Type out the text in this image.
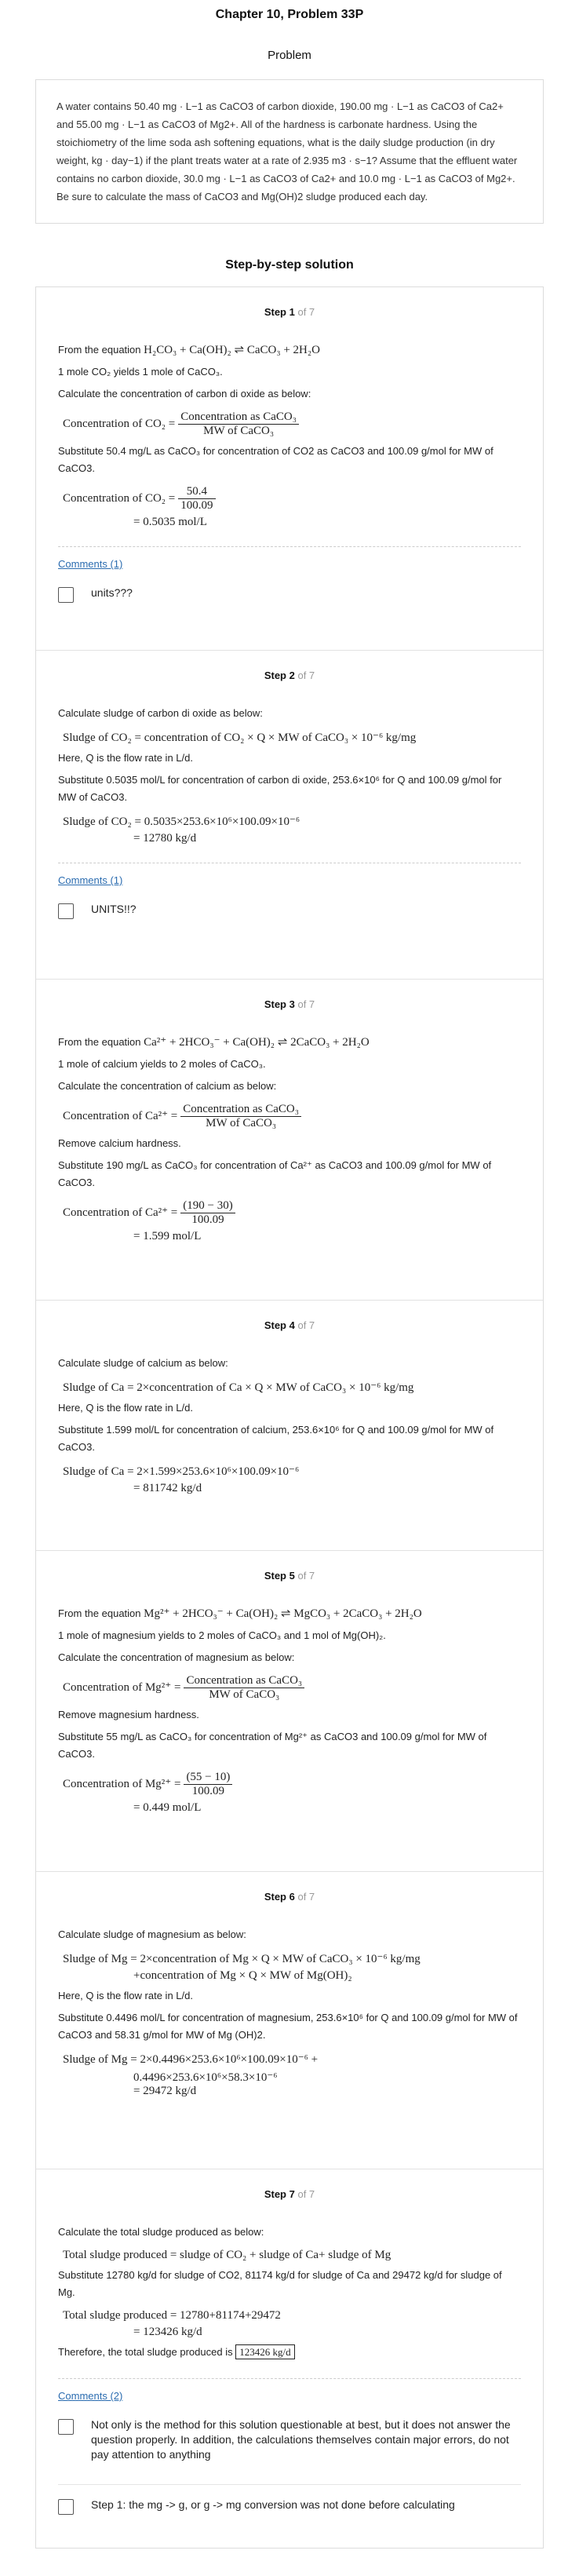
Chapter 10, Problem 33P
Problem
A water contains 50.40 mg · L−1 as CaCO3 of carbon dioxide, 190.00 mg · L−1 as CaCO3 of Ca2+ and 55.00 mg · L−1 as CaCO3 of Mg2+. All of the hardness is carbonate hardness. Using the stoichiometry of the lime soda ash softening equations, what is the daily sludge production (in dry weight, kg · day−1) if the plant treats water at a rate of 2.935 m3 · s−1? Assume that the effluent water contains no carbon dioxide, 30.0 mg · L−1 as CaCO3 of Ca2+ and 10.0 mg · L−1 as CaCO3 of Mg2+. Be sure to calculate the mass of CaCO3 and Mg(OH)2 sludge produced each day.
Step-by-step solution
Step 1 of 7
From the equation H₂CO₃ + Ca(OH)₂ ⇌ CaCO₃ + 2H₂O
1 mole CO₂ yields 1 mole of CaCO₃.
Calculate the concentration of carbon di oxide as below:
Concentration of $CO_2 = \frac{\text{Concentration as CaCO₃}}{\text{MW of CaCO₃}}$
Substitute 50.4 mg/L as CaCO₃ for concentration of CO2 as CaCO3 and 100.09 g/mol for MW of CaCO3.
Concentration of $CO_2 = \frac{50.4}{100.09}$
= 0.5035 mol/L
Comments (1)
units???
Step 2 of 7
Calculate sludge of carbon di oxide as below:
Sludge of CO₂ = concentration of CO₂ × Q × MW of CaCO₃ × 10⁻⁶ kg/mg
Here, Q is the flow rate in L/d.
Substitute 0.5035 mol/L for concentration of carbon di oxide, 253.6×10⁶ for Q and 100.09 g/mol for MW of CaCO3.
Sludge of CO₂ = 0.5035×253.6×10⁶×100.09×10⁻⁶
= 12780 kg/d
Comments (1)
UNITS!!?
Step 3 of 7
From the equation Ca²⁺ + 2HCO₃⁻ + Ca(OH)₂ ⇌ 2CaCO₃ + 2H₂O
1 mole of calcium yields to 2 moles of CaCO₃.
Calculate the concentration of calcium as below:
Concentration of $Ca^{2+} = \frac{\text{Concentration as CaCO₃}}{\text{MW of CaCO₃}}$
Remove calcium hardness.
Substitute 190 mg/L as CaCO₃ for concentration of Ca²⁺ as CaCO3 and 100.09 g/mol for MW of CaCO3.
Concentration of $Ca^{2+} = \frac{(190 - 30)}{100.09}$
= 1.599 mol/L
Step 4 of 7
Calculate sludge of calcium as below:
Sludge of Ca = 2×concentration of Ca × Q × MW of CaCO₃ × 10⁻⁶ kg/mg
Here, Q is the flow rate in L/d.
Substitute 1.599 mol/L for concentration of calcium, 253.6×10⁶ for Q and 100.09 g/mol for MW of CaCO3.
Sludge of Ca = 2×1.599×253.6×10⁶×100.09×10⁻⁶
= 811742 kg/d
Step 5 of 7
From the equation Mg²⁺ + 2HCO₃⁻ + Ca(OH)₂ ⇌ MgCO₃ + 2CaCO₃ + 2H₂O
1 mole of magnesium yields to 2 moles of CaCO₃ and 1 mol of Mg(OH)₂.
Calculate the concentration of magnesium as below:
Concentration of $Mg^{2+} = \frac{\text{Concentration as CaCO₃}}{\text{MW of CaCO₃}}$
Remove magnesium hardness.
Substitute 55 mg/L as CaCO₃ for concentration of Mg²⁺ as CaCO3 and 100.09 g/mol for MW of CaCO3.
Concentration of $Mg^{2+} = \frac{(55 - 10)}{100.09}$
= 0.449 mol/L
Step 6 of 7
Calculate sludge of magnesium as below:
Sludge of Mg = 2×concentration of Mg × Q × MW of CaCO₃ × 10⁻⁶ kg/mg
+concentration of Mg × Q × MW of Mg(OH)₂
Here, Q is the flow rate in L/d.
Substitute 0.4496 mol/L for concentration of magnesium, 253.6×10⁶ for Q and 100.09 g/mol for MW of CaCO3 and 58.31 g/mol for MW of Mg (OH)2.
Sludge of Mg = 2×0.4496×253.6×10⁶×100.09×10⁻⁶ +
0.4496×253.6×10⁶×58.3×10⁻⁶
= 29472 kg/d
Step 7 of 7
Calculate the total sludge produced as below:
Total sludge produced = sludge of CO₂ + sludge of Ca+ sludge of Mg
Substitute 12780 kg/d for sludge of CO2, 81174 kg/d for sludge of Ca and 29472 kg/d for sludge of Mg.
Total sludge produced = 12780+81174+29472
= 123426 kg/d
Therefore, the total sludge produced is 123426 kg/d
Comments (2)
Not only is the method for this solution questionable at best, but it does not answer the question properly. In addition, the calculations themselves contain major errors, do not pay attention to anything
Step 1: the mg -> g, or g -> mg conversion was not done before calculating
